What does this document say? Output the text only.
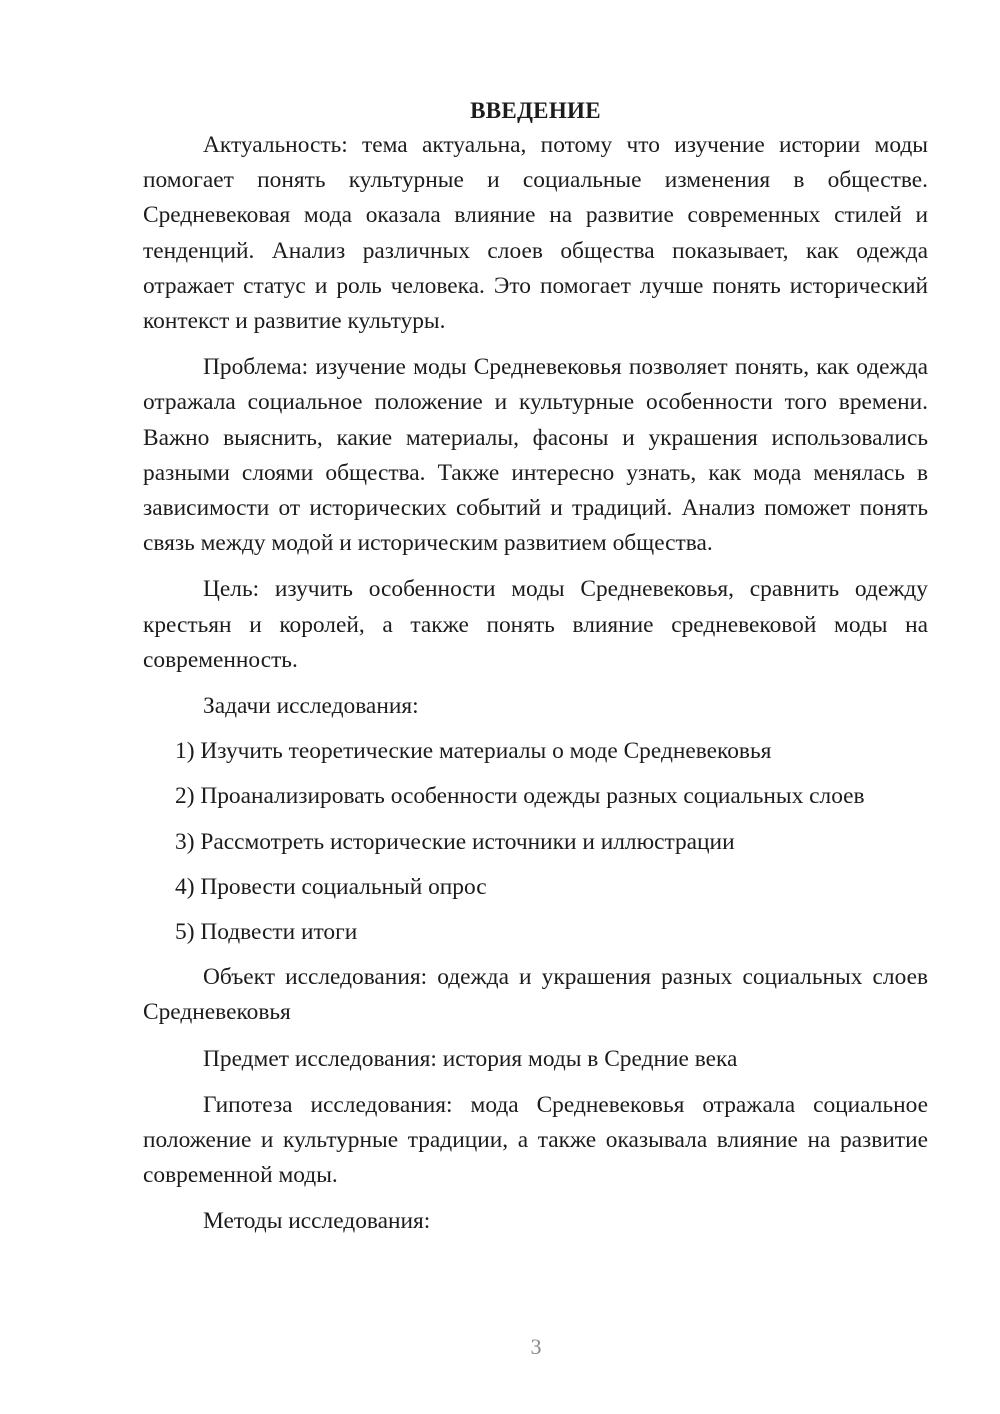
ВВЕДЕНИЕ

Актуальность: тема актуальна, потому что изучение истории моды помогает понять культурные и социальные изменения в обществе. Средневековая мода оказала влияние на развитие современных стилей и тенденций. Анализ различных слоев общества показывает, как одежда отражает статус и роль человека. Это помогает лучше понять исторический контекст и развитие культуры.

Проблема: изучение моды Средневековья позволяет понять, как одежда отражала социальное положение и культурные особенности того времени. Важно выяснить, какие материалы, фасоны и украшения использовались разными слоями общества. Также интересно узнать, как мода менялась в зависимости от исторических событий и традиций. Анализ поможет понять связь между модой и историческим развитием общества.

Цель: изучить особенности моды Средневековья, сравнить одежду крестьян и королей, а также понять влияние средневековой моды на современность.

Задачи исследования:

1) Изучить теоретические материалы о моде Средневековья
2) Проанализировать особенности одежды разных социальных слоев
3) Рассмотреть исторические источники и иллюстрации
4) Провести социальный опрос
5) Подвести итоги

Объект исследования: одежда и украшения разных социальных слоев Средневековья

Предмет исследования: история моды в Средние века

Гипотеза исследования: мода Средневековья отражала социальное положение и культурные традиции, а также оказывала влияние на развитие современной моды.

Методы исследования:

3
